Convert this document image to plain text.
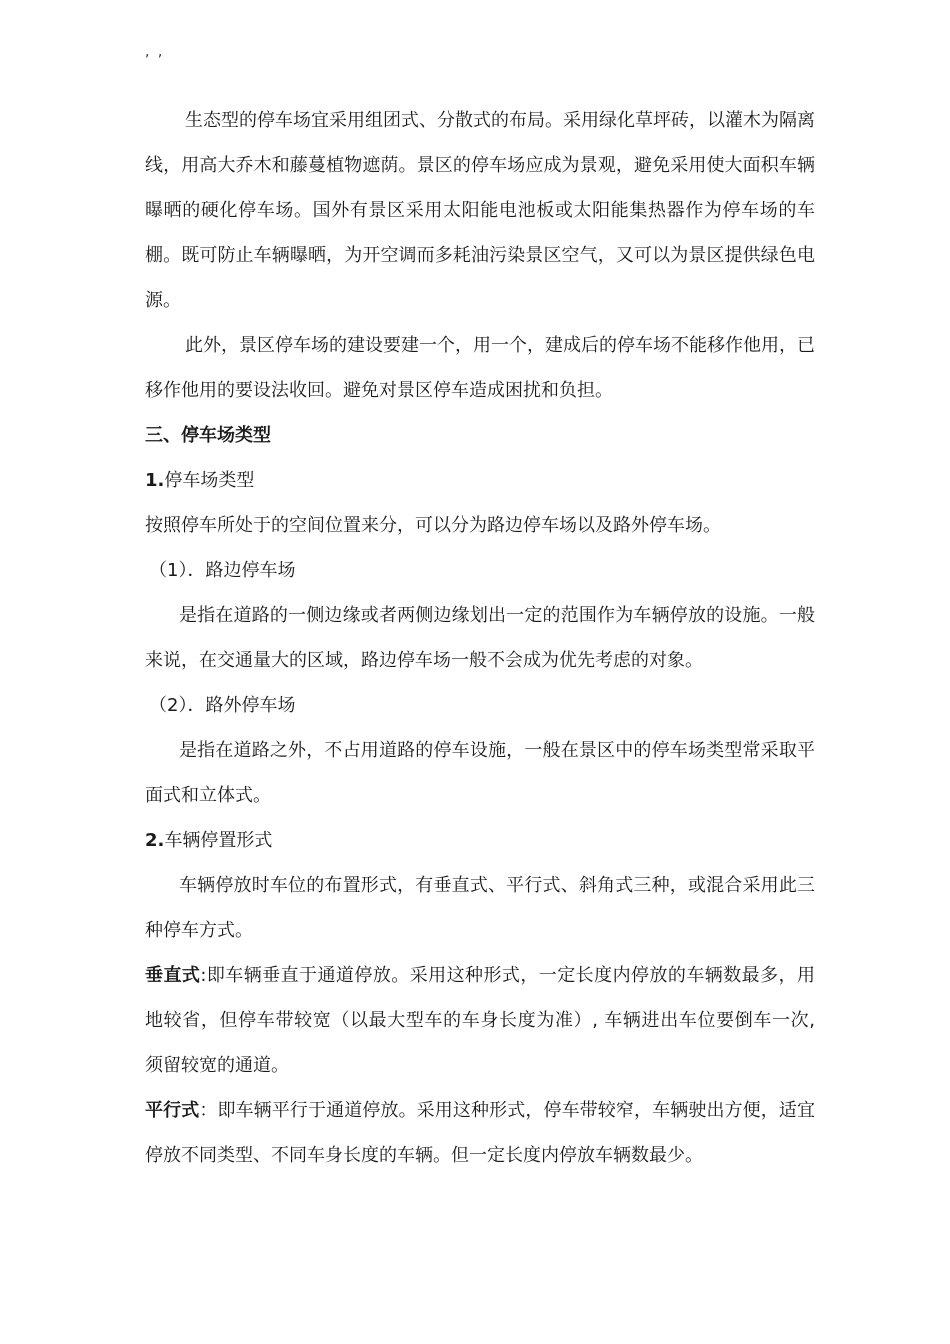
, ,

生态型的停车场宜采用组团式、分散式的布局。采用绿化草坪砖，以灌木为隔离线，用高大乔木和藤蔓植物遮荫。景区的停车场应成为景观，避免采用使大面积车辆曝晒的硬化停车场。国外有景区采用太阳能电池板或太阳能集热器作为停车场的车棚。既可防止车辆曝晒，为开空调而多耗油污染景区空气，又可以为景区提供绿色电源。

此外，景区停车场的建设要建一个，用一个，建成后的停车场不能移作他用，已移作他用的要设法收回。避免对景区停车造成困扰和负担。

三、停车场类型

1.停车场类型

按照停车所处于的空间位置来分，可以分为路边停车场以及路外停车场。

（1）．路边停车场

是指在道路的一侧边缘或者两侧边缘划出一定的范围作为车辆停放的设施。一般来说，在交通量大的区域，路边停车场一般不会成为优先考虑的对象。

（2）．路外停车场

是指在道路之外，不占用道路的停车设施，一般在景区中的停车场类型常采取平面式和立体式。

2.车辆停置形式

车辆停放时车位的布置形式，有垂直式、平行式、斜角式三种，或混合采用此三种停车方式。

垂直式:即车辆垂直于通道停放。采用这种形式，一定长度内停放的车辆数最多，用地较省，但停车带较宽（以最大型车的车身长度为准）, 车辆进出车位要倒车一次, 须留较宽的通道。

平行式：即车辆平行于通道停放。采用这种形式，停车带较窄，车辆驶出方便，适宜停放不同类型、不同车身长度的车辆。但一定长度内停放车辆数最少。
